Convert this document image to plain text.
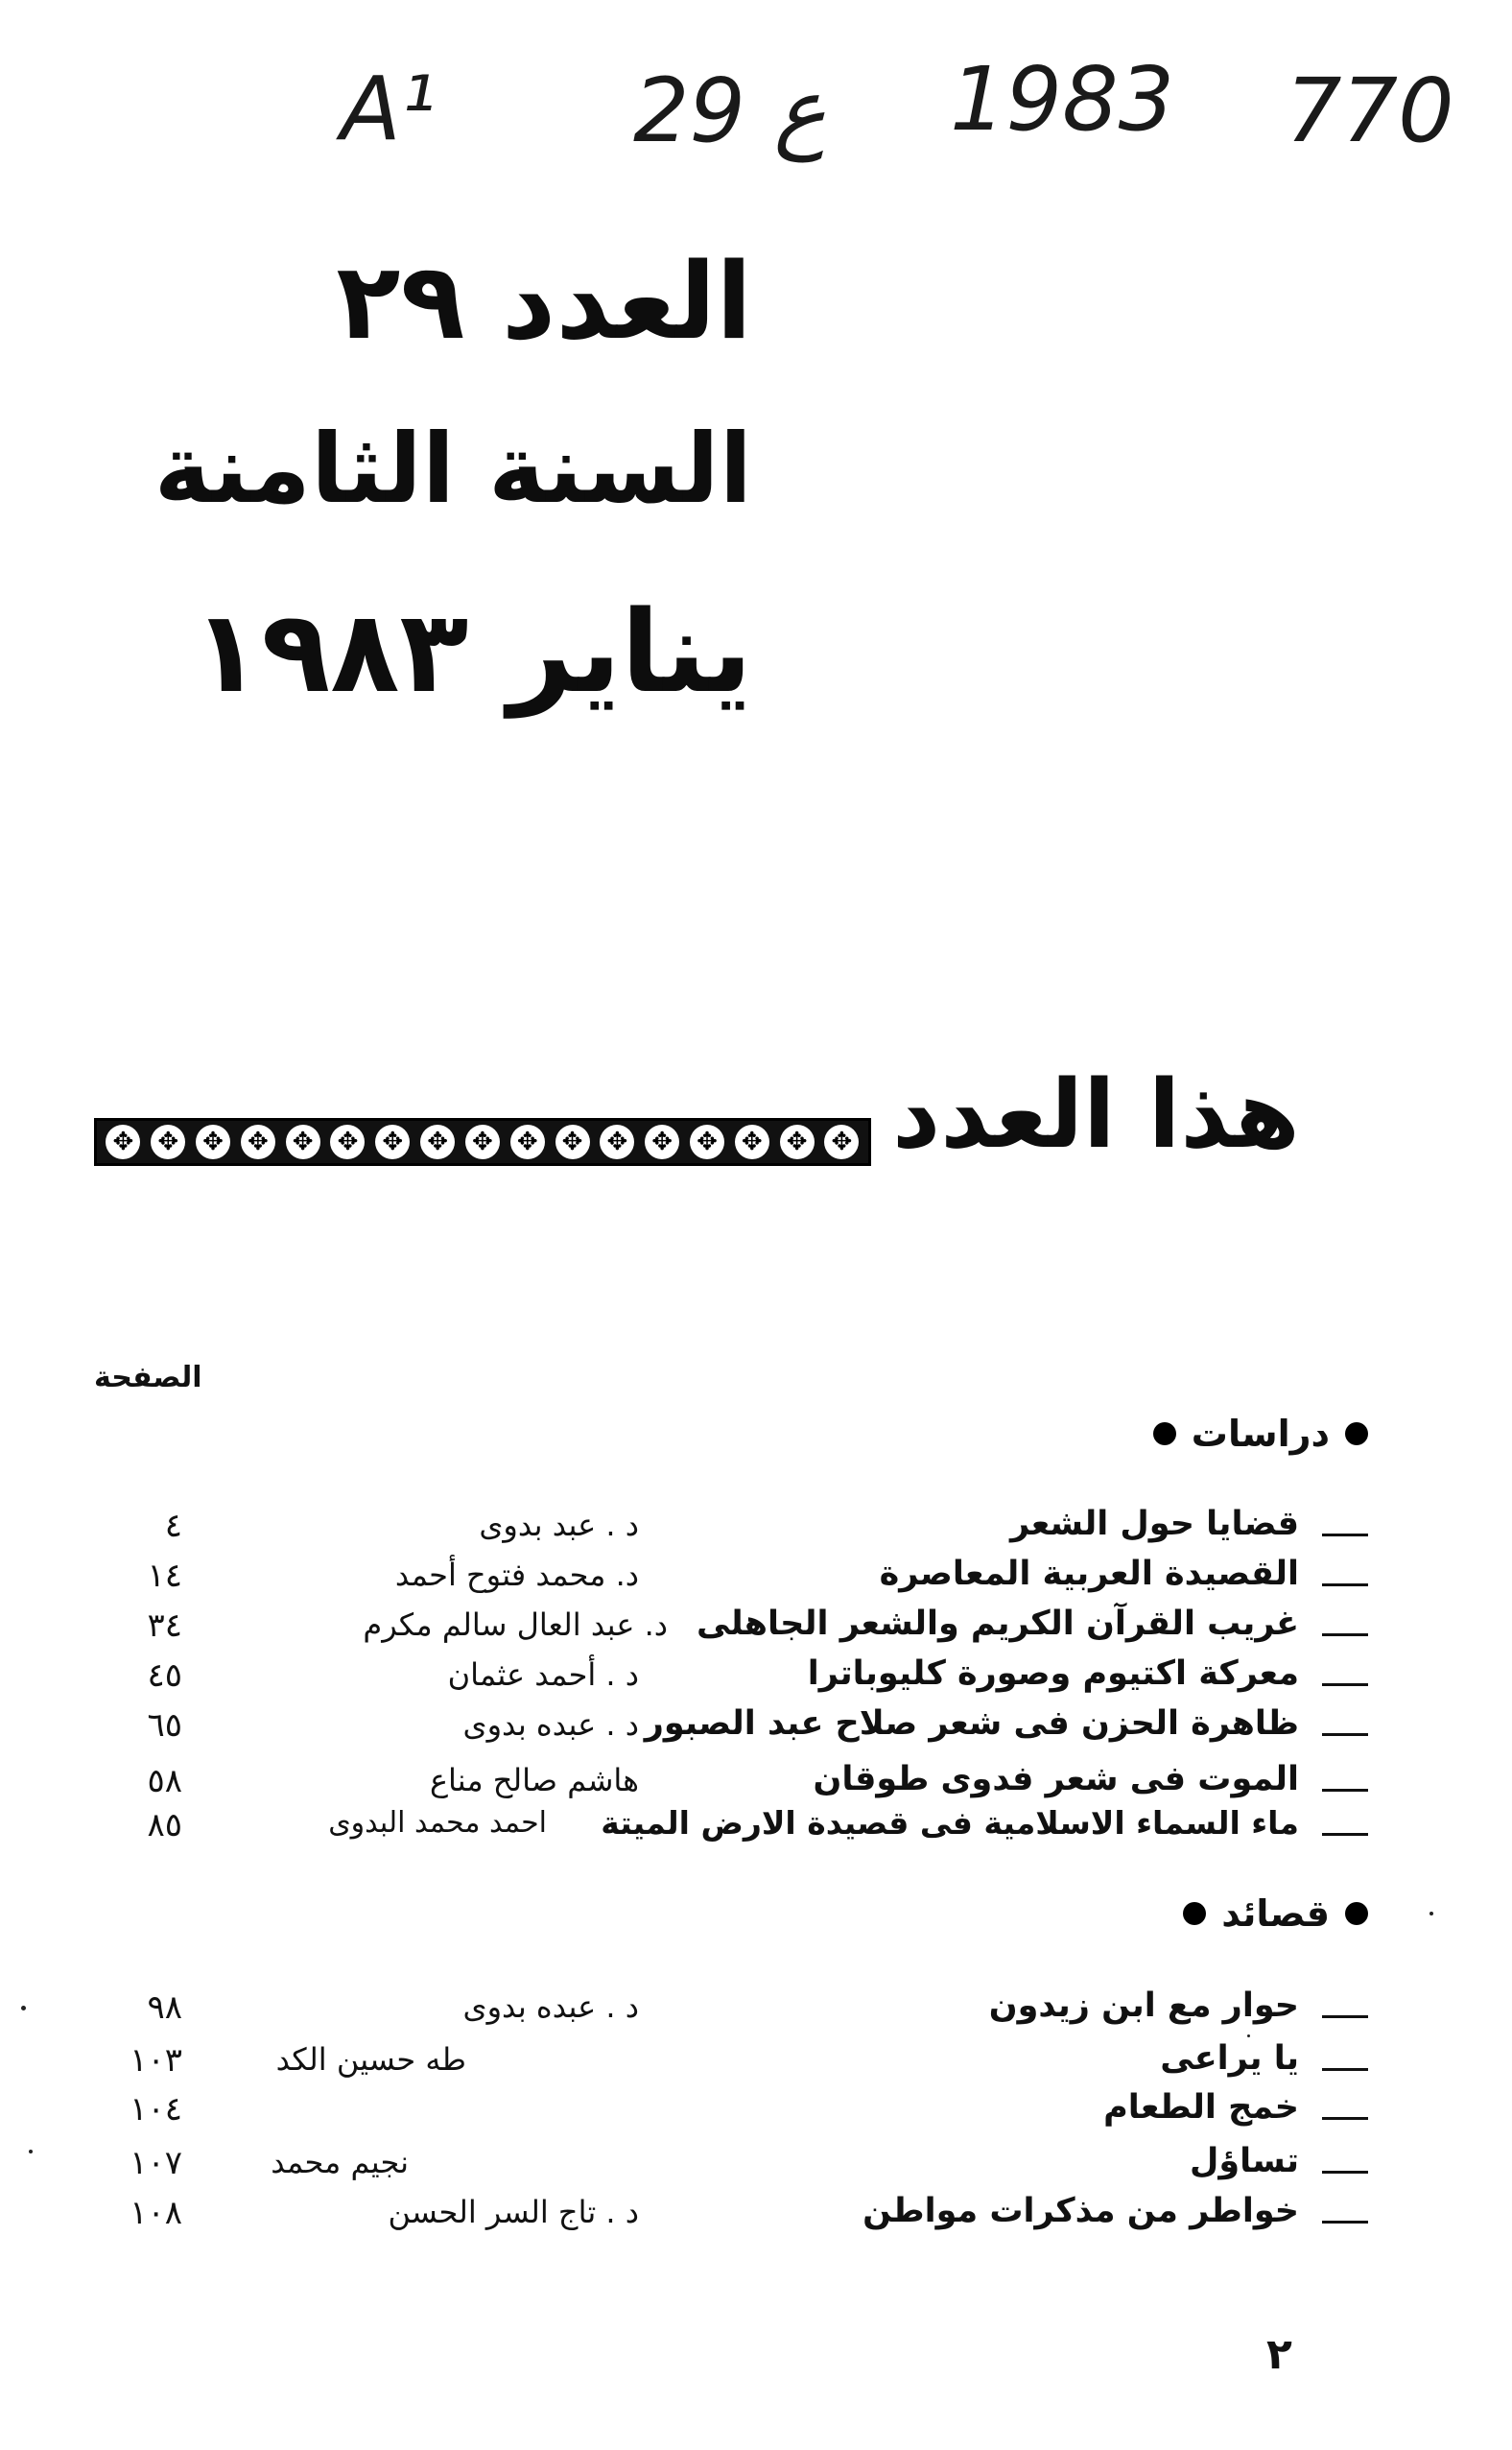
A¹ 29 ع 1983 770
العدد ٢٩
السنة الثامنة
يناير ١٩٨٣
هذا العدد
✥ ✥ ✥ ✥ ✥ ✥ ✥ ✥ ✥ ✥ ✥ ✥ ✥ ✥ ✥ ✥ ✥
الصفحة
دراسات
قضايا حول الشعر
د . عبد بدوى
٤
القصيدة العربية المعاصرة
د. محمد فتوح أحمد
١٤
غريب القرآن الكريم والشعر الجاهلى
د. عبد العال سالم مكرم
٣٤
معركة اكتيوم وصورة كليوباترا
د . أحمد عثمان
٤٥
ظاهرة الحزن فى شعر صلاح عبد الصبور
د . عبده بدوى
٦٥
الموت فى شعر فدوى طوقان
هاشم صالح مناع
٥٨
ماء السماء الاسلامية فى قصيدة الارض الميتة
احمد محمد البدوى
٨٥
قصائد
حوار مع ابن زيدون
د . عبده بدوى
٩٨
يا يراعى
طه حسين الكد
١٠٣
خمج الطعام
١٠٤
تساؤل
نجيم محمد
١٠٧
خواطر من مذكرات مواطن
د . تاج السر الحسن
١٠٨
٢
